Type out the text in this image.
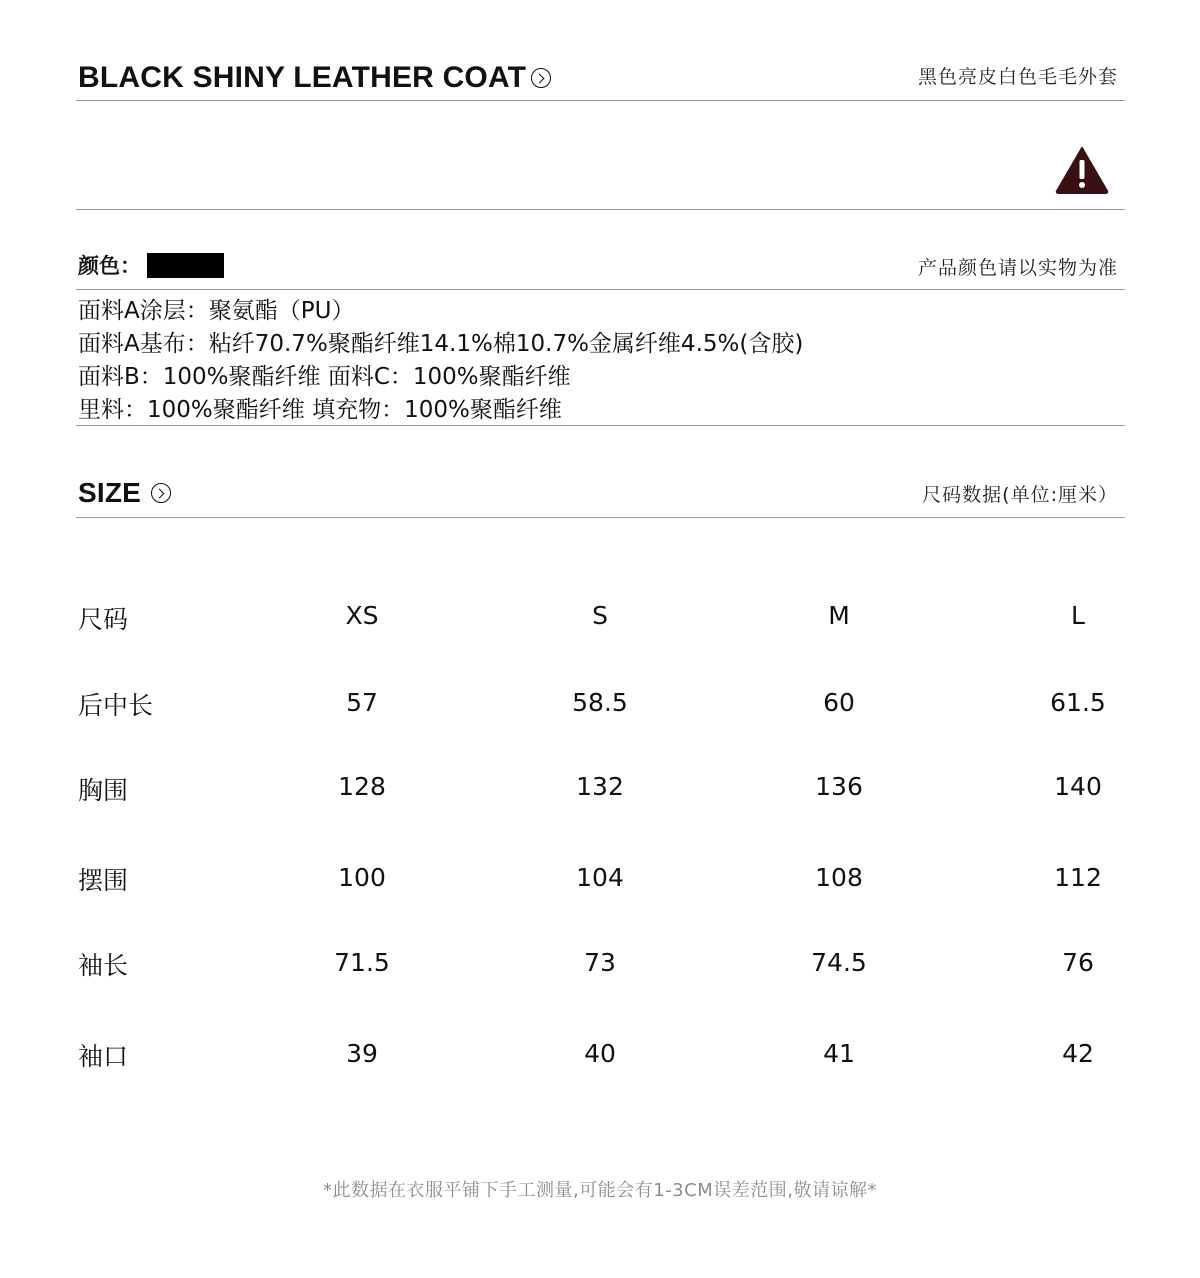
BLACK SHINY LEATHER COAT	黑色亮皮白色毛毛外套
颜色：	产品颜色请以实物为准
面料A涂层：聚氨酯（PU）
面料A基布：粘纤70.7%聚酯纤维14.1%棉10.7%金属纤维4.5%(含胶)
面料B：100%聚酯纤维 面料C：100%聚酯纤维
里料：100%聚酯纤维 填充物：100%聚酯纤维
SIZE	尺码数据(单位:厘米）
尺码	XS	S	M	L
后中长	57	58.5	60	61.5
胸围	128	132	136	140
摆围	100	104	108	112
袖长	71.5	73	74.5	76
袖口	39	40	41	42
*此数据在衣服平铺下手工测量,可能会有1-3CM误差范围,敬请谅解*
